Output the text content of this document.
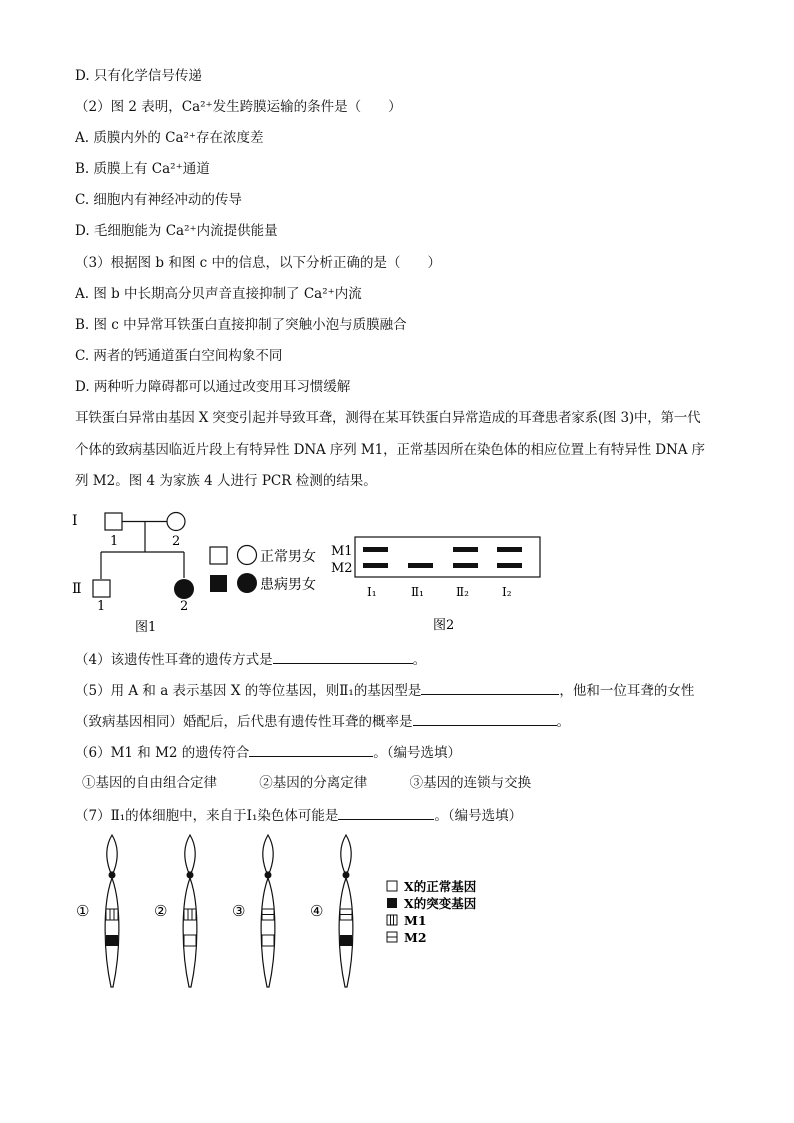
D. 只有化学信号传递
（2）图 2 表明，Ca²⁺发生跨膜运输的条件是（　　）
A. 质膜内外的 Ca²⁺存在浓度差
B. 质膜上有 Ca²⁺通道
C. 细胞内有神经冲动的传导
D. 毛细胞能为 Ca²⁺内流提供能量
（3）根据图 b 和图 c 中的信息，以下分析正确的是（　　）
A. 图 b 中长期高分贝声音直接抑制了 Ca²⁺内流
B. 图 c 中异常耳铁蛋白直接抑制了突触小泡与质膜融合
C. 两者的钙通道蛋白空间构象不同
D. 两种听力障碍都可以通过改变用耳习惯缓解
耳铁蛋白异常由基因 X 突变引起并导致耳聋，测得在某耳铁蛋白异常造成的耳聋患者家系(图 3)中，第一代
个体的致病基因临近片段上有特异性 DNA 序列 M1，正常基因所在染色体的相应位置上有特异性 DNA 序
列 M2。图 4 为家族 4 人进行 PCR 检测的结果。
Ⅰ
Ⅱ
1	2
1	2
正常男女
患病男女
图1
M1
M2
Ⅰ₁	Ⅱ₁	Ⅱ₂	Ⅰ₂
图2
（4）该遗传性耳聋的遗传方式是	。
（5）用 A 和 a 表示基因 X 的等位基因，则Ⅱ₁的基因型是	，他和一位耳聋的女性
（致病基因相同）婚配后，后代患有遗传性耳聋的概率是	。
（6）M1 和 M2 的遗传符合	。（编号选填）
①基因的自由组合定律	②基因的分离定律	③基因的连锁与交换
（7）Ⅱ₁的体细胞中，来自于Ⅰ₁染色体可能是	。（编号选填）
①	②	③	④
X的正常基因
X的突变基因
M1
M2
